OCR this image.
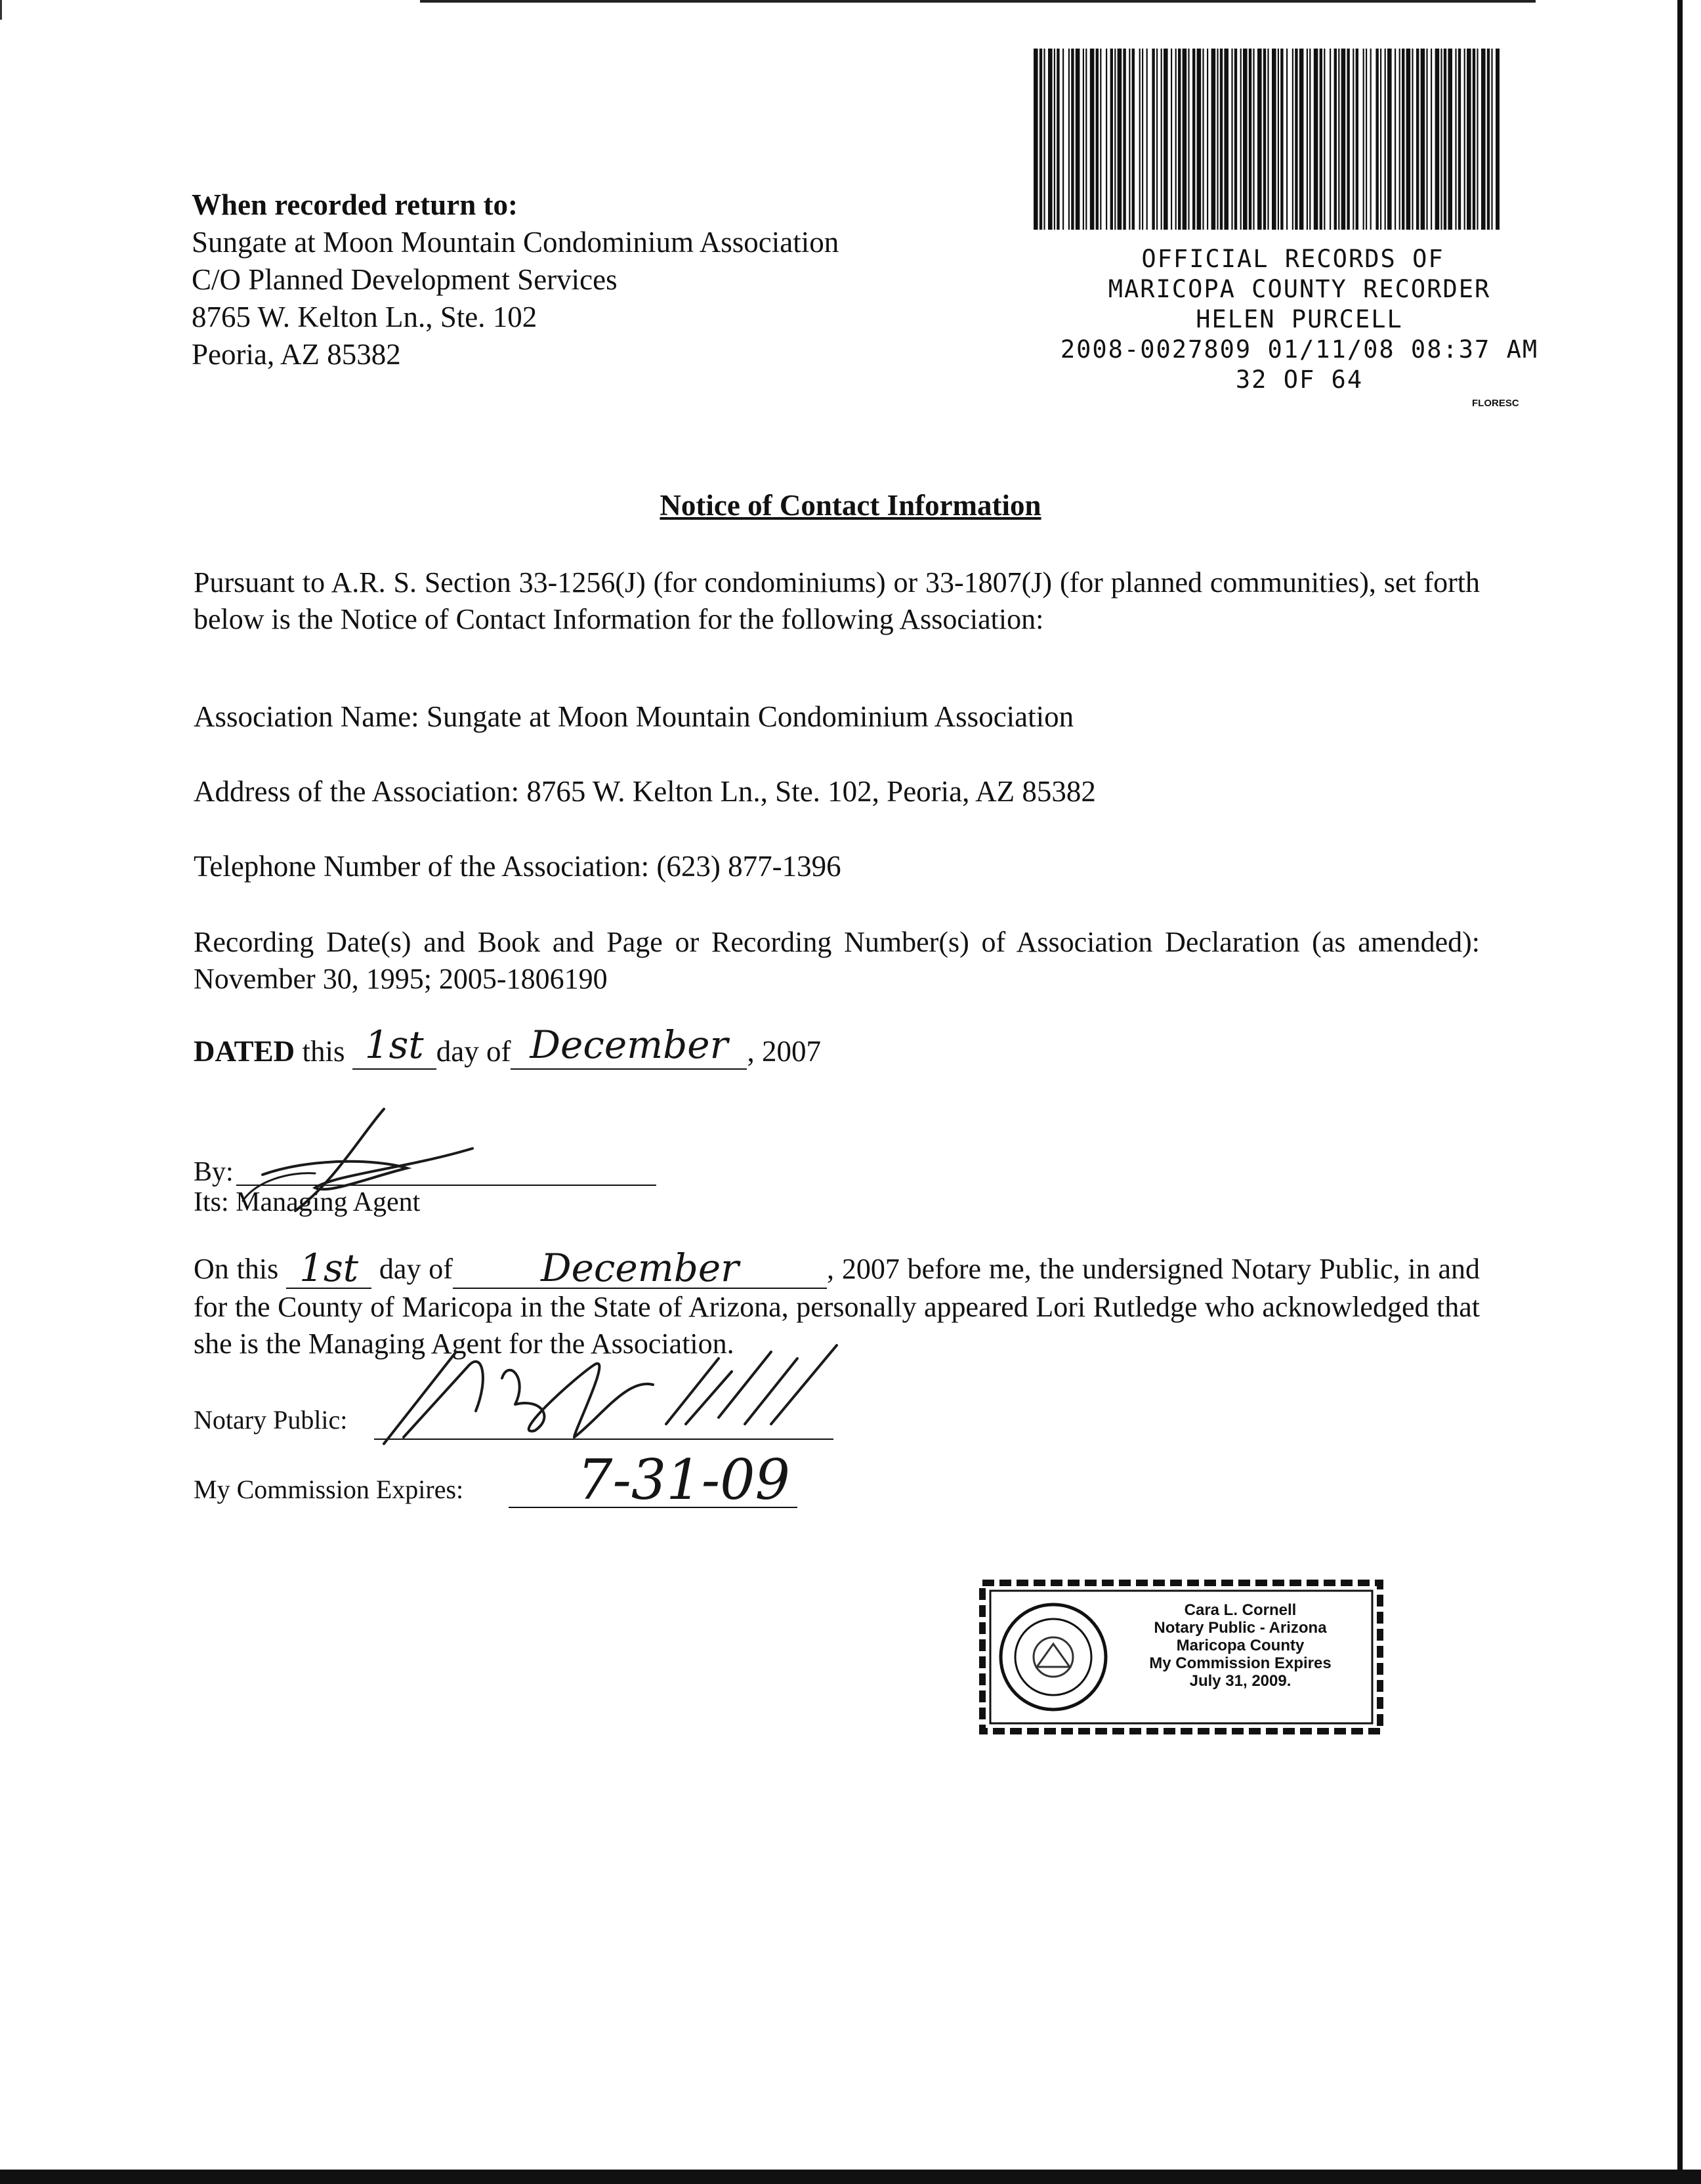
When recorded return to:
Sungate at Moon Mountain Condominium Association
C/O Planned Development Services
8765 W. Kelton Ln., Ste. 102
Peoria, AZ 85382
OFFICIAL RECORDS OF
MARICOPA COUNTY RECORDER
HELEN PURCELL
2008-0027809 01/11/08 08:37 AM
32 OF 64
FLORESC
Notice of Contact Information
Pursuant to A.R. S. Section 33-1256(J) (for condominiums) or 33-1807(J) (for planned communities), set forth below is the Notice of Contact Information for the following Association:
Association Name: Sungate at Moon Mountain Condominium Association
Address of the Association: 8765 W. Kelton Ln., Ste. 102, Peoria, AZ 85382
Telephone Number of the Association: (623) 877-1396
Recording Date(s) and Book and Page or Recording Number(s) of Association Declaration (as amended): November 30, 1995; 2005-1806190
DATED this 1st day of December , 2007
By:
Its: Managing Agent
On this 1st day of	December	, 2007 before me, the undersigned Notary Public, in and for the County of Maricopa in the State of Arizona, personally appeared Lori Rutledge who acknowledged that she is the Managing Agent for the Association.
Notary Public:
My Commission Expires: 7-31-09
Cara L. Cornell
Notary Public - Arizona
Maricopa County
My Commission Expires
July 31, 2009.
